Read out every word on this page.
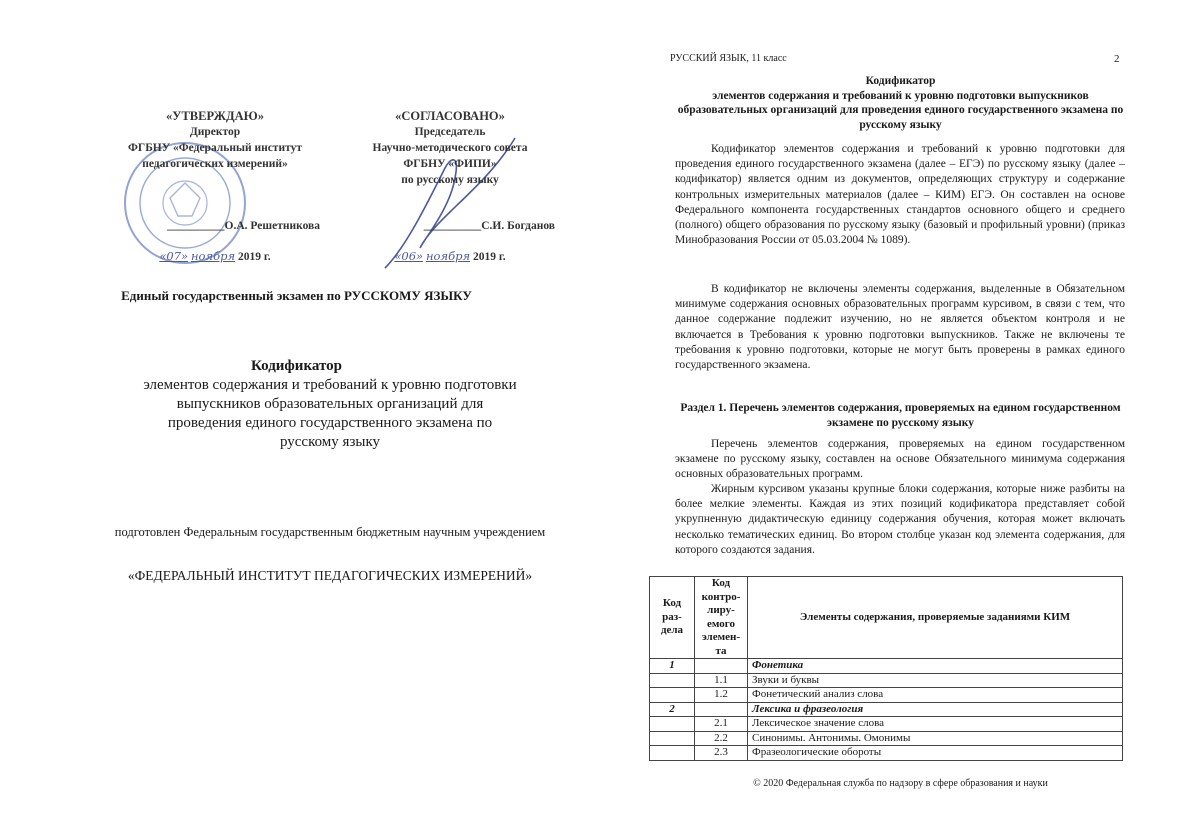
«УТВЕРЖДАЮ»
Директор
ФГБНУ «Федеральный институт педагогических измерений»
__________О.А. Решетникова
«07» ноября 2019 г.
«СОГЛАСОВАНО»
Председатель
Научно-методического совета
ФГБНУ «ФИПИ»
по русскому языку
__________С.И. Богданов
«06» ноября 2019 г.
Единый государственный экзамен по РУССКОМУ ЯЗЫКУ
Кодификатор
элементов содержания и требований к уровню подготовки выпускников образовательных организаций для проведения единого государственного экзамена по русскому языку
подготовлен Федеральным государственным бюджетным научным учреждением
«ФЕДЕРАЛЬНЫЙ ИНСТИТУТ ПЕДАГОГИЧЕСКИХ ИЗМЕРЕНИЙ»
РУССКИЙ ЯЗЫК, 11 класс	2
Кодификатор
элементов содержания и требований к уровню подготовки выпускников образовательных организаций для проведения единого государственного экзамена по русскому языку
Кодификатор элементов содержания и требований к уровню подготовки для проведения единого государственного экзамена (далее – ЕГЭ) по русскому языку (далее – кодификатор) является одним из документов, определяющих структуру и содержание контрольных измерительных материалов (далее – КИМ) ЕГЭ. Он составлен на основе Федерального компонента государственных стандартов основного общего и среднего (полного) общего образования по русскому языку (базовый и профильный уровни) (приказ Минобразования России от 05.03.2004 № 1089).
В кодификатор не включены элементы содержания, выделенные в Обязательном минимуме содержания основных образовательных программ курсивом, в связи с тем, что данное содержание подлежит изучению, но не является объектом контроля и не включается в Требования к уровню подготовки выпускников. Также не включены те требования к уровню подготовки, которые не могут быть проверены в рамках единого государственного экзамена.
Раздел 1. Перечень элементов содержания, проверяемых на едином государственном экзамене по русскому языку
Перечень элементов содержания, проверяемых на едином государственном экзамене по русскому языку, составлен на основе Обязательного минимума содержания основных образовательных программ.
Жирным курсивом указаны крупные блоки содержания, которые ниже разбиты на более мелкие элементы. Каждая из этих позиций кодификатора представляет собой укрупненную дидактическую единицу содержания обучения, которая может включать несколько тематических единиц. Во втором столбце указан код элемента содержания, для которого создаются задания.
Код раз-дела	Код контро-лиру-емого элемен-та	Элементы содержания, проверяемые заданиями КИМ
1		Фонетика
	1.1	Звуки и буквы
	1.2	Фонетический анализ слова
2		Лексика и фразеология
	2.1	Лексическое значение слова
	2.2	Синонимы. Антонимы. Омонимы
	2.3	Фразеологические обороты
© 2020 Федеральная служба по надзору в сфере образования и науки
